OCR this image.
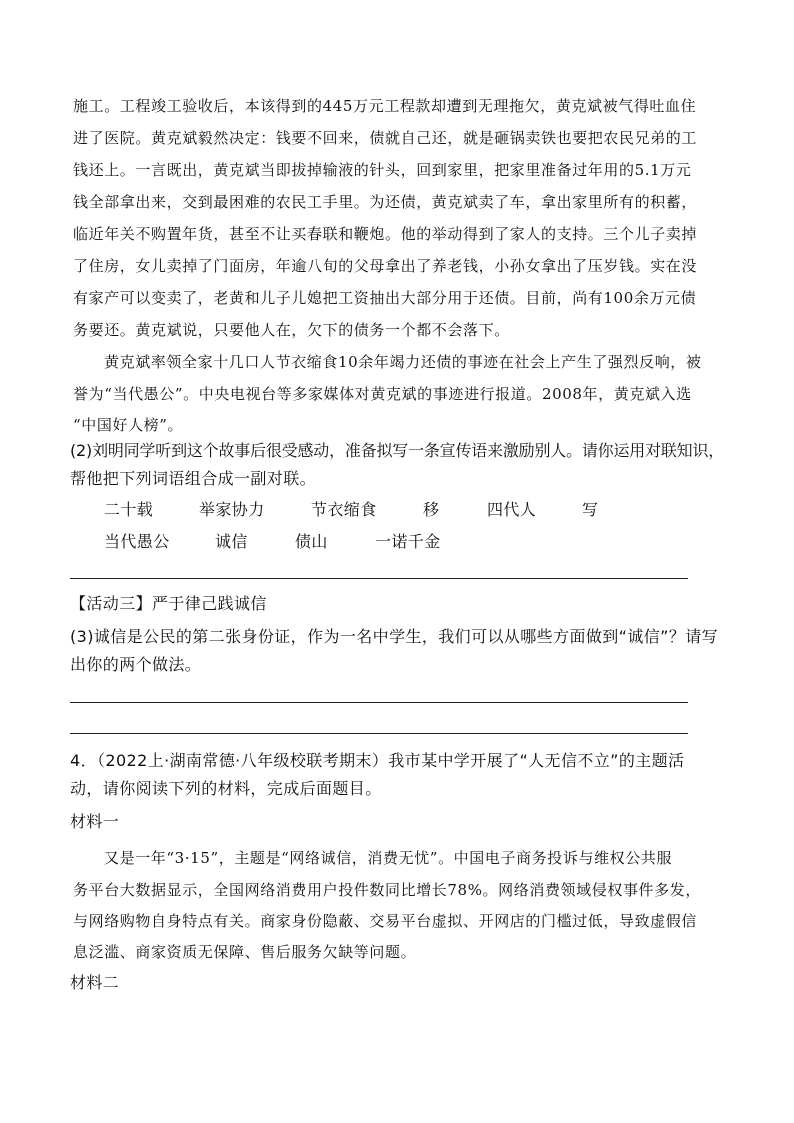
施工。工程竣工验收后，本该得到的445万元工程款却遭到无理拖欠，黄克斌被气得吐血住
进了医院。黄克斌毅然决定：钱要不回来，债就自己还，就是砸锅卖铁也要把农民兄弟的工
钱还上。一言既出，黄克斌当即拔掉输液的针头，回到家里，把家里准备过年用的5.1万元
钱全部拿出来，交到最困难的农民工手里。为还债，黄克斌卖了车，拿出家里所有的积蓄，
临近年关不购置年货，甚至不让买春联和鞭炮。他的举动得到了家人的支持。三个儿子卖掉
了住房，女儿卖掉了门面房，年逾八旬的父母拿出了养老钱，小孙女拿出了压岁钱。实在没
有家产可以变卖了，老黄和儿子儿媳把工资抽出大部分用于还债。目前，尚有100余万元债
务要还。黄克斌说，只要他人在，欠下的债务一个都不会落下。
黄克斌率领全家十几口人节衣缩食10余年竭力还债的事迹在社会上产生了强烈反响，被
誉为“当代愚公”。中央电视台等多家媒体对黄克斌的事迹进行报道。2008年，黄克斌入选
“中国好人榜”。
(2)刘明同学听到这个故事后很受感动，准备拟写一条宣传语来激励别人。请你运用对联知识，
帮他把下列词语组合成一副对联。
二十载	举家协力	节衣缩食	移	四代人	写
当代愚公	诚信	债山	一诺千金
【活动三】严于律己践诚信
(3)诚信是公民的第二张身份证，作为一名中学生，我们可以从哪些方面做到“诚信”？请写
出你的两个做法。
4．（2022上·湖南常德·八年级校联考期末）我市某中学开展了“人无信不立”的主题活
动，请你阅读下列的材料，完成后面题目。
材料一
又是一年“3·15”，主题是“网络诚信，消费无忧”。中国电子商务投诉与维权公共服
务平台大数据显示，全国网络消费用户投件数同比增长78%。网络消费领域侵权事件多发，
与网络购物自身特点有关。商家身份隐蔽、交易平台虚拟、开网店的门槛过低，导致虚假信
息泛滥、商家资质无保障、售后服务欠缺等问题。
材料二
